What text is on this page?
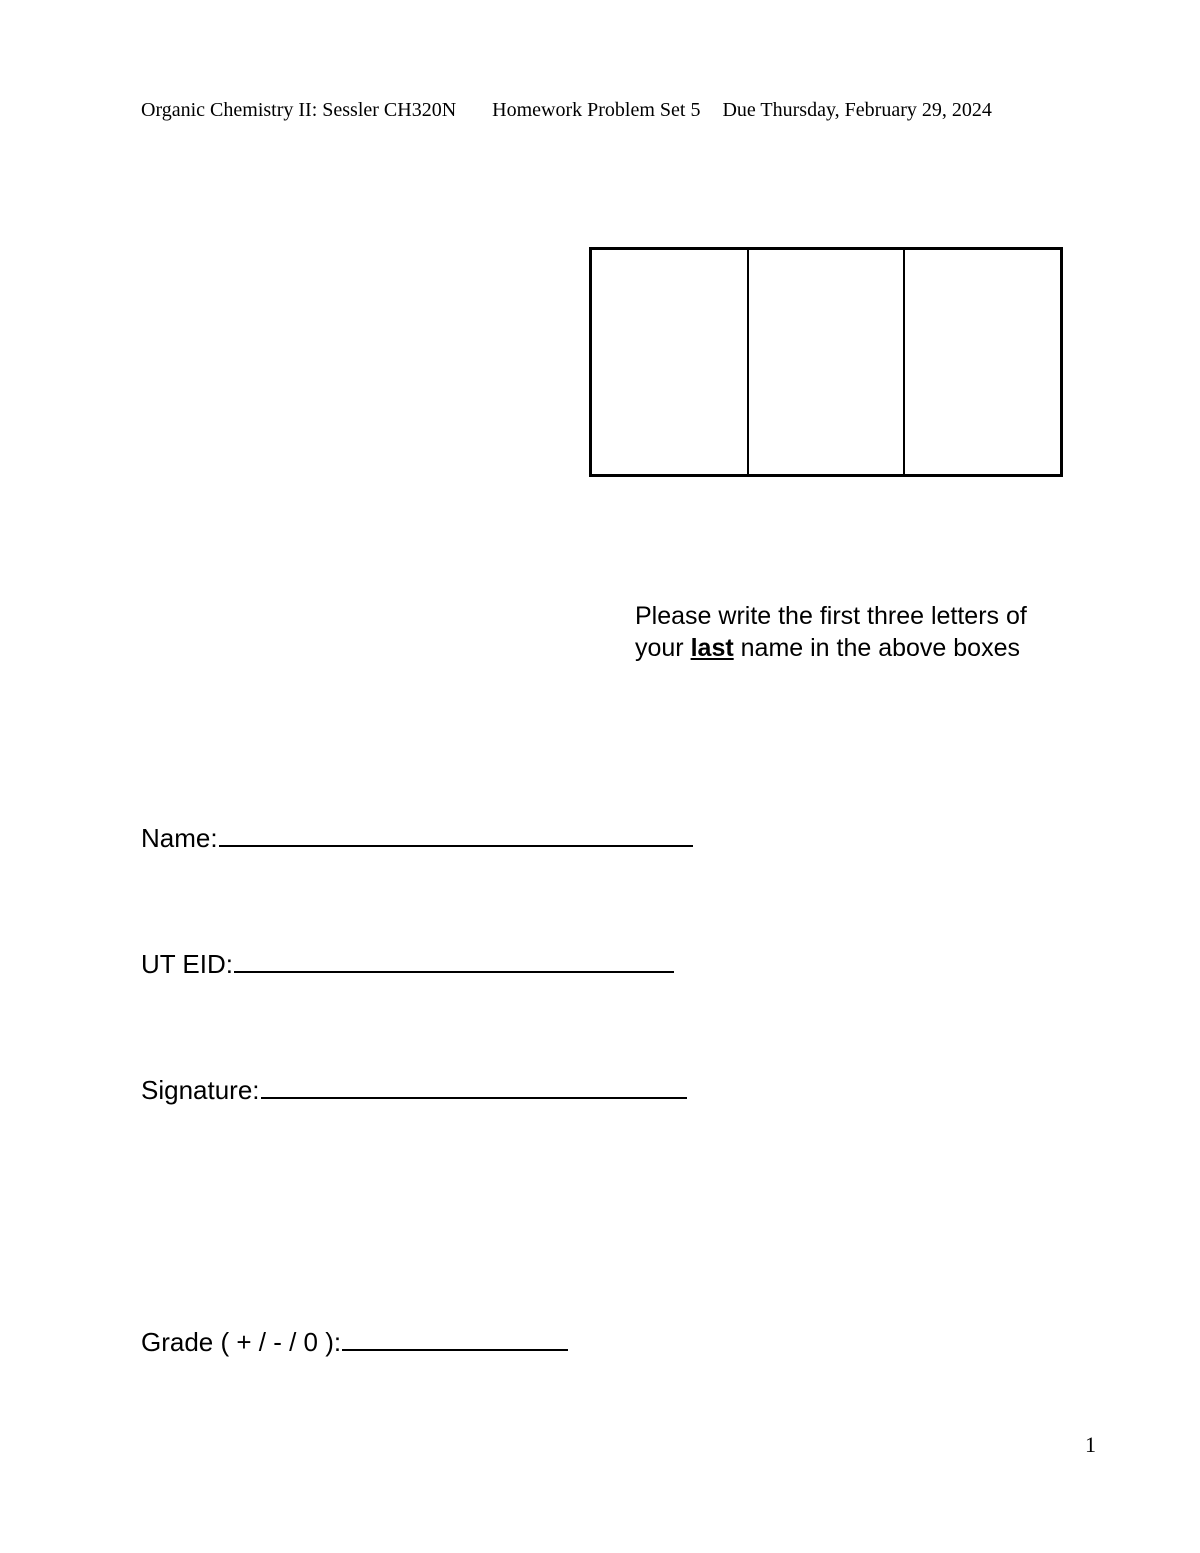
Organic Chemistry II: Sessler CH320N Homework Problem Set 5 Due Thursday, February 29, 2024
Please write the first three letters of your last name in the above boxes
Name:
UT EID:
Signature:
Grade ( + / - / 0 ):
1
